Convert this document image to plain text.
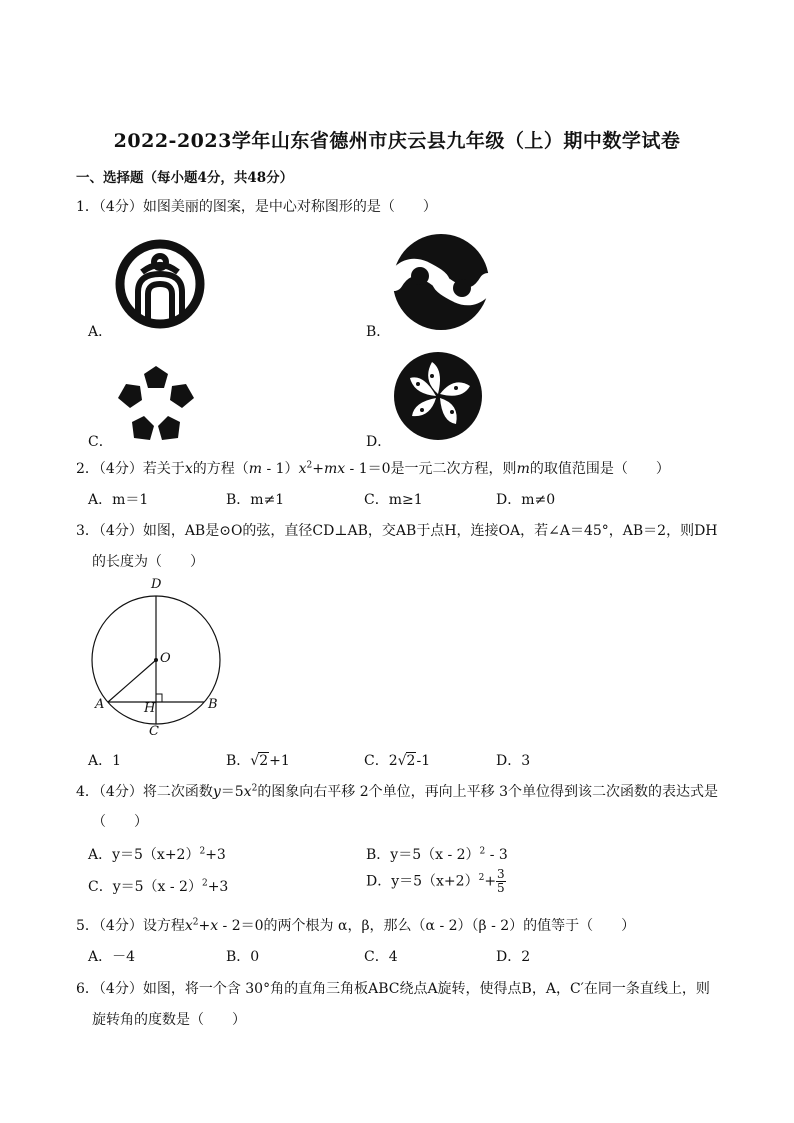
2022-2023学年山东省德州市庆云县九年级（上）期中数学试卷
一、选择题（每小题4分，共48分）
1．（4分）如图美丽的图案，是中心对称图形的是（　　）
A．	B．
C．	D．
2．（4分）若关于x的方程$(m - 1)x^2+mx - 1=0$是一元二次方程，则m的取值范围是（　　）
A．m＝1	B．m≠1	C．m≥1	D．m≠0
3．（4分）如图，AB是⊙O的弦，直径CD⊥AB，交AB于点H，连接OA，若∠A＝45°，AB＝2，则DH
的长度为（　　）
D
O
A	H	B
C
A．1	B．√2+1	C．2√2-1	D．3
4．（4分）将二次函数$y=5x^2$的图象向右平移 2个单位，再向上平移 3个单位得到该二次函数的表达式是
（　　）
A．$y=5(x+2)^2+3$	B．y＝5（x - 2）$^2$ - 3
C．y＝5（x - 2）$^2$+3	D．$y=5(x+2)^2+ \frac{3}{5}$
5．（4分）设方程$x^2+x - 2=0$的两个根为 α，β，那么（α - 2）（β - 2）的值等于（　　）
A．－4	B．0	C．4	D．2
6．（4分）如图，将一个含 30°角的直角三角板ABC绕点A旋转，使得点B，A，C′在同一条直线上，则
旋转角的度数是（　　）
